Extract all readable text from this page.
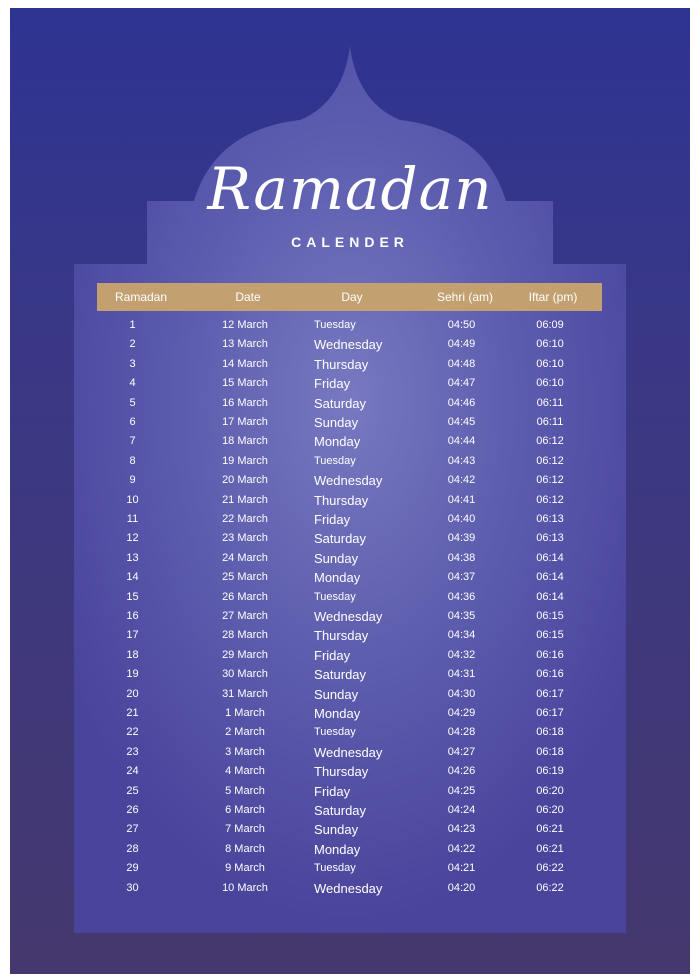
Ramadan
CALENDER
Ramadan	Date	Day	Sehri (am)	Iftar (pm)
1	12 March	Tuesday	04:50	06:09
2	13 March	Wednesday	04:49	06:10
3	14 March	Thursday	04:48	06:10
4	15 March	Friday	04:47	06:10
5	16 March	Saturday	04:46	06:11
6	17 March	Sunday	04:45	06:11
7	18 March	Monday	04:44	06:12
8	19 March	Tuesday	04:43	06:12
9	20 March	Wednesday	04:42	06:12
10	21 March	Thursday	04:41	06:12
11	22 March	Friday	04:40	06:13
12	23 March	Saturday	04:39	06:13
13	24 March	Sunday	04:38	06:14
14	25 March	Monday	04:37	06:14
15	26 March	Tuesday	04:36	06:14
16	27 March	Wednesday	04:35	06:15
17	28 March	Thursday	04:34	06:15
18	29 March	Friday	04:32	06:16
19	30 March	Saturday	04:31	06:16
20	31 March	Sunday	04:30	06:17
21	1 March	Monday	04:29	06:17
22	2 March	Tuesday	04:28	06:18
23	3 March	Wednesday	04:27	06:18
24	4 March	Thursday	04:26	06:19
25	5 March	Friday	04:25	06:20
26	6 March	Saturday	04:24	06:20
27	7 March	Sunday	04:23	06:21
28	8 March	Monday	04:22	06:21
29	9 March	Tuesday	04:21	06:22
30	10 March	Wednesday	04:20	06:22
